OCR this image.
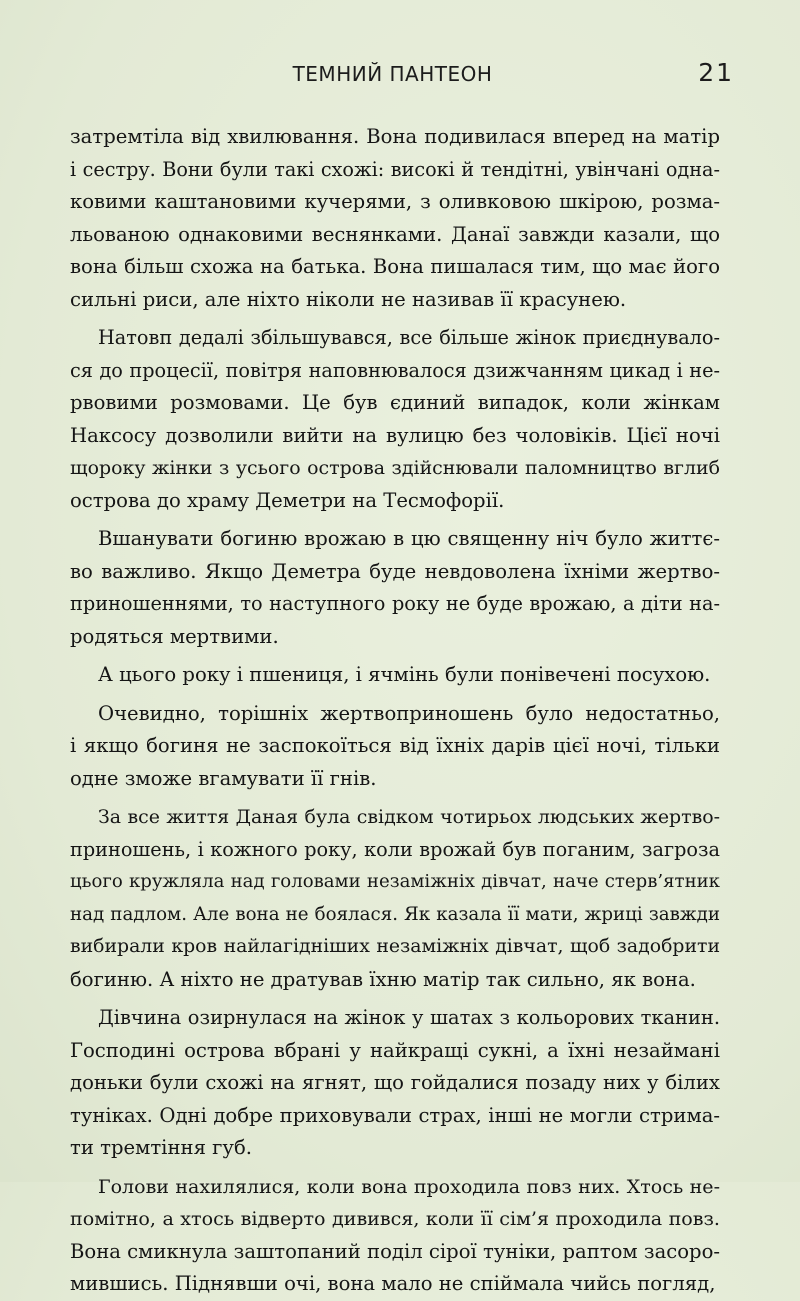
ТЕМНИЙ ПАНТЕОН	21
затремтіла від хвилювання. Вона подивилася вперед на матір
і сестру. Вони були такі схожі: високі й тендітні, увінчані одна-
ковими каштановими кучерями, з оливковою шкірою, розма-
льованою однаковими веснянками. Данаї завжди казали, що
вона більш схожа на батька. Вона пишалася тим, що має його
сильні риси, але ніхто ніколи не називав її красунею.
Натовп дедалі збільшувався, все більше жінок приєднувало-
ся до процесії, повітря наповнювалося дзижчанням цикад і не-
рвовими розмовами. Це був єдиний випадок, коли жінкам
Наксосу дозволили вийти на вулицю без чоловіків. Цієї ночі
щороку жінки з усього острова здійснювали паломництво вглиб
острова до храму Деметри на Тесмофорії.
Вшанувати богиню врожаю в цю священну ніч було життє-
во важливо. Якщо Деметра буде невдоволена їхніми жертво-
приношеннями, то наступного року не буде врожаю, а діти на-
родяться мертвими.
А цього року і пшениця, і ячмінь були понівечені посухою.
Очевидно, торішніх жертвоприношень було недостатньо,
і якщо богиня не заспокоїться від їхніх дарів цієї ночі, тільки
одне зможе вгамувати її гнів.
За все життя Даная була свідком чотирьох людських жертво-
приношень, і кожного року, коли врожай був поганим, загроза
цього кружляла над головами незаміжніх дівчат, наче стерв’ятник
над падлом. Але вона не боялася. Як казала її мати, жриці завжди
вибирали кров найлагідніших незаміжніх дівчат, щоб задобрити
богиню. А ніхто не дратував їхню матір так сильно, як вона.
Дівчина озирнулася на жінок у шатах з кольорових тканин.
Господині острова вбрані у найкращі сукні, а їхні незаймані
доньки були схожі на ягнят, що гойдалися позаду них у білих
туніках. Одні добре приховували страх, інші не могли стрима-
ти тремтіння губ.
Голови нахилялися, коли вона проходила повз них. Хтось не-
помітно, а хтось відверто дивився, коли її сім’я проходила повз.
Вона смикнула заштопаний поділ сірої туніки, раптом засоро-
мившись. Піднявши очі, вона мало не спіймала чийсь погляд,
